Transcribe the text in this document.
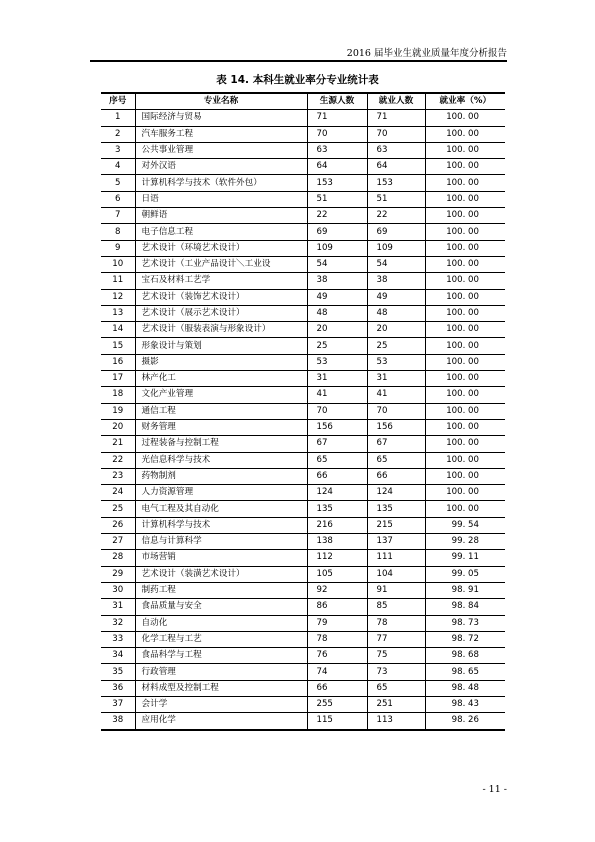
2016 届毕业生就业质量年度分析报告
表 14. 本科生就业率分专业统计表
序号	专业名称	生源人数	就业人数	就业率（%）
1	国际经济与贸易	71	71	100. 00
2	汽车服务工程	70	70	100. 00
3	公共事业管理	63	63	100. 00
4	对外汉语	64	64	100. 00
5	计算机科学与技术（软件外包）	153	153	100. 00
6	日语	51	51	100. 00
7	朝鲜语	22	22	100. 00
8	电子信息工程	69	69	100. 00
9	艺术设计（环境艺术设计）	109	109	100. 00
10	艺术设计（工业产品设计＼工业设	54	54	100. 00
11	宝石及材料工艺学	38	38	100. 00
12	艺术设计（装饰艺术设计）	49	49	100. 00
13	艺术设计（展示艺术设计）	48	48	100. 00
14	艺术设计（服装表演与形象设计）	20	20	100. 00
15	形象设计与策划	25	25	100. 00
16	摄影	53	53	100. 00
17	林产化工	31	31	100. 00
18	文化产业管理	41	41	100. 00
19	通信工程	70	70	100. 00
20	财务管理	156	156	100. 00
21	过程装备与控制工程	67	67	100. 00
22	光信息科学与技术	65	65	100. 00
23	药物制剂	66	66	100. 00
24	人力资源管理	124	124	100. 00
25	电气工程及其自动化	135	135	100. 00
26	计算机科学与技术	216	215	99. 54
27	信息与计算科学	138	137	99. 28
28	市场营销	112	111	99. 11
29	艺术设计（装潢艺术设计）	105	104	99. 05
30	制药工程	92	91	98. 91
31	食品质量与安全	86	85	98. 84
32	自动化	79	78	98. 73
33	化学工程与工艺	78	77	98. 72
34	食品科学与工程	76	75	98. 68
35	行政管理	74	73	98. 65
36	材料成型及控制工程	66	65	98. 48
37	会计学	255	251	98. 43
38	应用化学	115	113	98. 26
- 11 -
